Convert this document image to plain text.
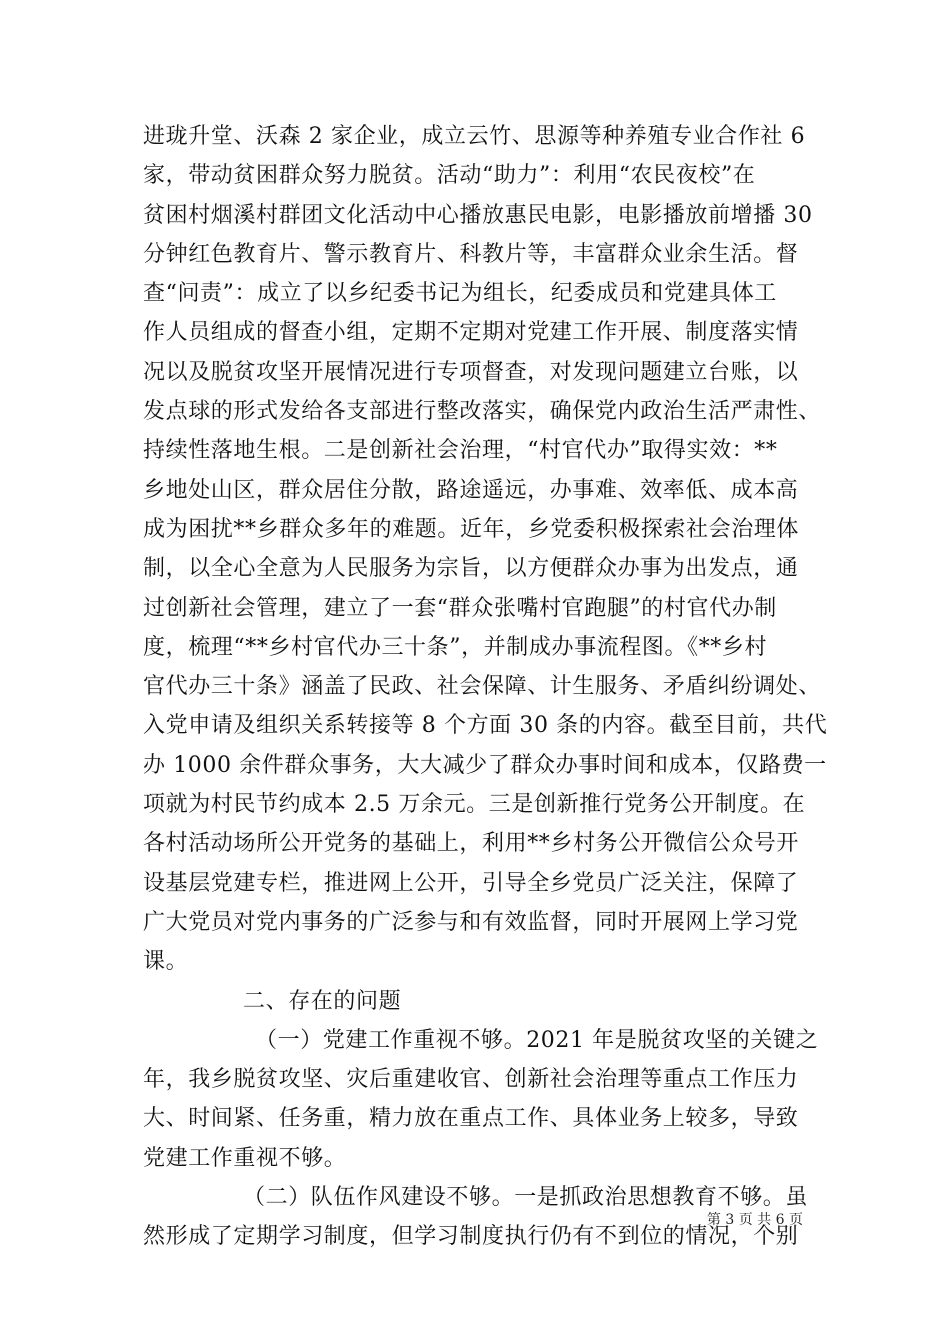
进珑升堂、沃森 2 家企业，成立云竹、思源等种养殖专业合作社 6
家，带动贫困群众努力脱贫。活动“助力”：利用“农民夜校”在
贫困村烟溪村群团文化活动中心播放惠民电影，电影播放前增播 30
分钟红色教育片、警示教育片、科教片等，丰富群众业余生活。督
查“问责”：成立了以乡纪委书记为组长，纪委成员和党建具体工
作人员组成的督查小组，定期不定期对党建工作开展、制度落实情
况以及脱贫攻坚开展情况进行专项督查，对发现问题建立台账，以
发点球的形式发给各支部进行整改落实，确保党内政治生活严肃性、
持续性落地生根。二是创新社会治理，“村官代办”取得实效：**
乡地处山区，群众居住分散，路途遥远，办事难、效率低、成本高
成为困扰**乡群众多年的难题。近年，乡党委积极探索社会治理体
制，以全心全意为人民服务为宗旨，以方便群众办事为出发点，通
过创新社会管理，建立了一套“群众张嘴村官跑腿”的村官代办制
度，梳理“**乡村官代办三十条”，并制成办事流程图。《**乡村
官代办三十条》涵盖了民政、社会保障、计生服务、矛盾纠纷调处、
入党申请及组织关系转接等 8 个方面 30 条的内容。截至目前，共代
办 1000 余件群众事务，大大减少了群众办事时间和成本，仅路费一
项就为村民节约成本 2.5 万余元。三是创新推行党务公开制度。在
各村活动场所公开党务的基础上，利用**乡村务公开微信公众号开
设基层党建专栏，推进网上公开，引导全乡党员广泛关注，保障了
广大党员对党内事务的广泛参与和有效监督，同时开展网上学习党
课。
二、存在的问题
（一）党建工作重视不够。2021 年是脱贫攻坚的关键之
年，我乡脱贫攻坚、灾后重建收官、创新社会治理等重点工作压力
大、时间紧、任务重，精力放在重点工作、具体业务上较多，导致
党建工作重视不够。
（二）队伍作风建设不够。一是抓政治思想教育不够。虽
然形成了定期学习制度，但学习制度执行仍有不到位的情况，个别
第 3 页 共 6 页
